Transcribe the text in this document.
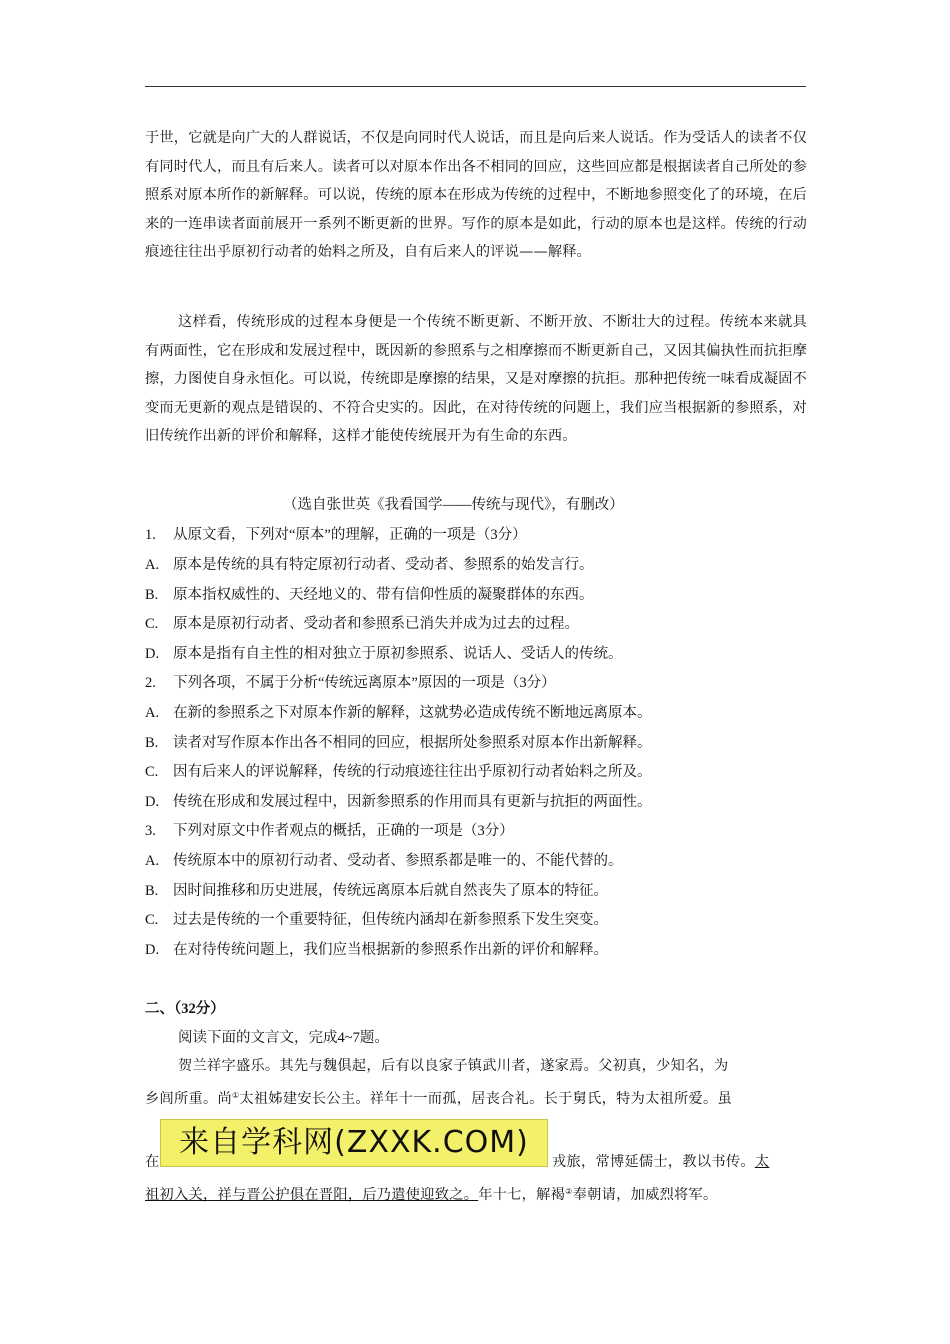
于世，它就是向广大的人群说话，不仅是向同时代人说话，而且是向后来人说话。作为受话人的读者不仅有同时代人，而且有后来人。读者可以对原本作出各不相同的回应，这些回应都是根据读者自己所处的参照系对原本所作的新解释。可以说，传统的原本在形成为传统的过程中，不断地参照变化了的环境，在后来的一连串读者面前展开一系列不断更新的世界。写作的原本是如此，行动的原本也是这样。传统的行动痕迹往往出乎原初行动者的始料之所及，自有后来人的评说——解释。

这样看，传统形成的过程本身便是一个传统不断更新、不断开放、不断壮大的过程。传统本来就具有两面性，它在形成和发展过程中，既因新的参照系与之相摩擦而不断更新自己，又因其偏执性而抗拒摩擦，力图使自身永恒化。可以说，传统即是摩擦的结果，又是对摩擦的抗拒。那种把传统一味看成凝固不变而无更新的观点是错误的、不符合史实的。因此，在对待传统的问题上，我们应当根据新的参照系，对旧传统作出新的评价和解释，这样才能使传统展开为有生命的东西。

（选自张世英《我看国学——传统与现代》，有删改）
1. 从原文看，下列对“原本”的理解，正确的一项是（3分）
A. 原本是传统的具有特定原初行动者、受动者、参照系的始发言行。
B. 原本指权威性的、天经地义的、带有信仰性质的凝聚群体的东西。
C. 原本是原初行动者、受动者和参照系已消失并成为过去的过程。
D. 原本是指有自主性的相对独立于原初参照系、说话人、受话人的传统。
2. 下列各项，不属于分析“传统远离原本”原因的一项是（3分）
A. 在新的参照系之下对原本作新的解释，这就势必造成传统不断地远离原本。
B. 读者对写作原本作出各不相同的回应，根据所处参照系对原本作出新解释。
C. 因有后来人的评说解释，传统的行动痕迹往往出乎原初行动者始料之所及。
D. 传统在形成和发展过程中，因新参照系的作用而具有更新与抗拒的两面性。
3. 下列对原文中作者观点的概括，正确的一项是（3分）
A. 传统原本中的原初行动者、受动者、参照系都是唯一的、不能代替的。
B. 因时间推移和历史进展，传统远离原本后就自然丧失了原本的特征。
C. 过去是传统的一个重要特征，但传统内涵却在新参照系下发生突变。
D. 在对待传统问题上，我们应当根据新的参照系作出新的评价和解释。
二、（32分）
阅读下面的文言文，完成4~7题。
贺兰祥字盛乐。其先与魏俱起，后有以良家子镇武川者，遂家焉。父初真，少知名，为
乡闾所重。尚①太祖姊建安长公主。祥年十一而孤，居丧合礼。长于舅氏，特为太祖所爱。虽
在	戎旅，常博延儒士，教以书传。太
祖初入关，祥与晋公护俱在晋阳，后乃遣使迎致之。年十七，解褐②奉朝请，加威烈将军。
来自学科网(ZXXK.COM)
